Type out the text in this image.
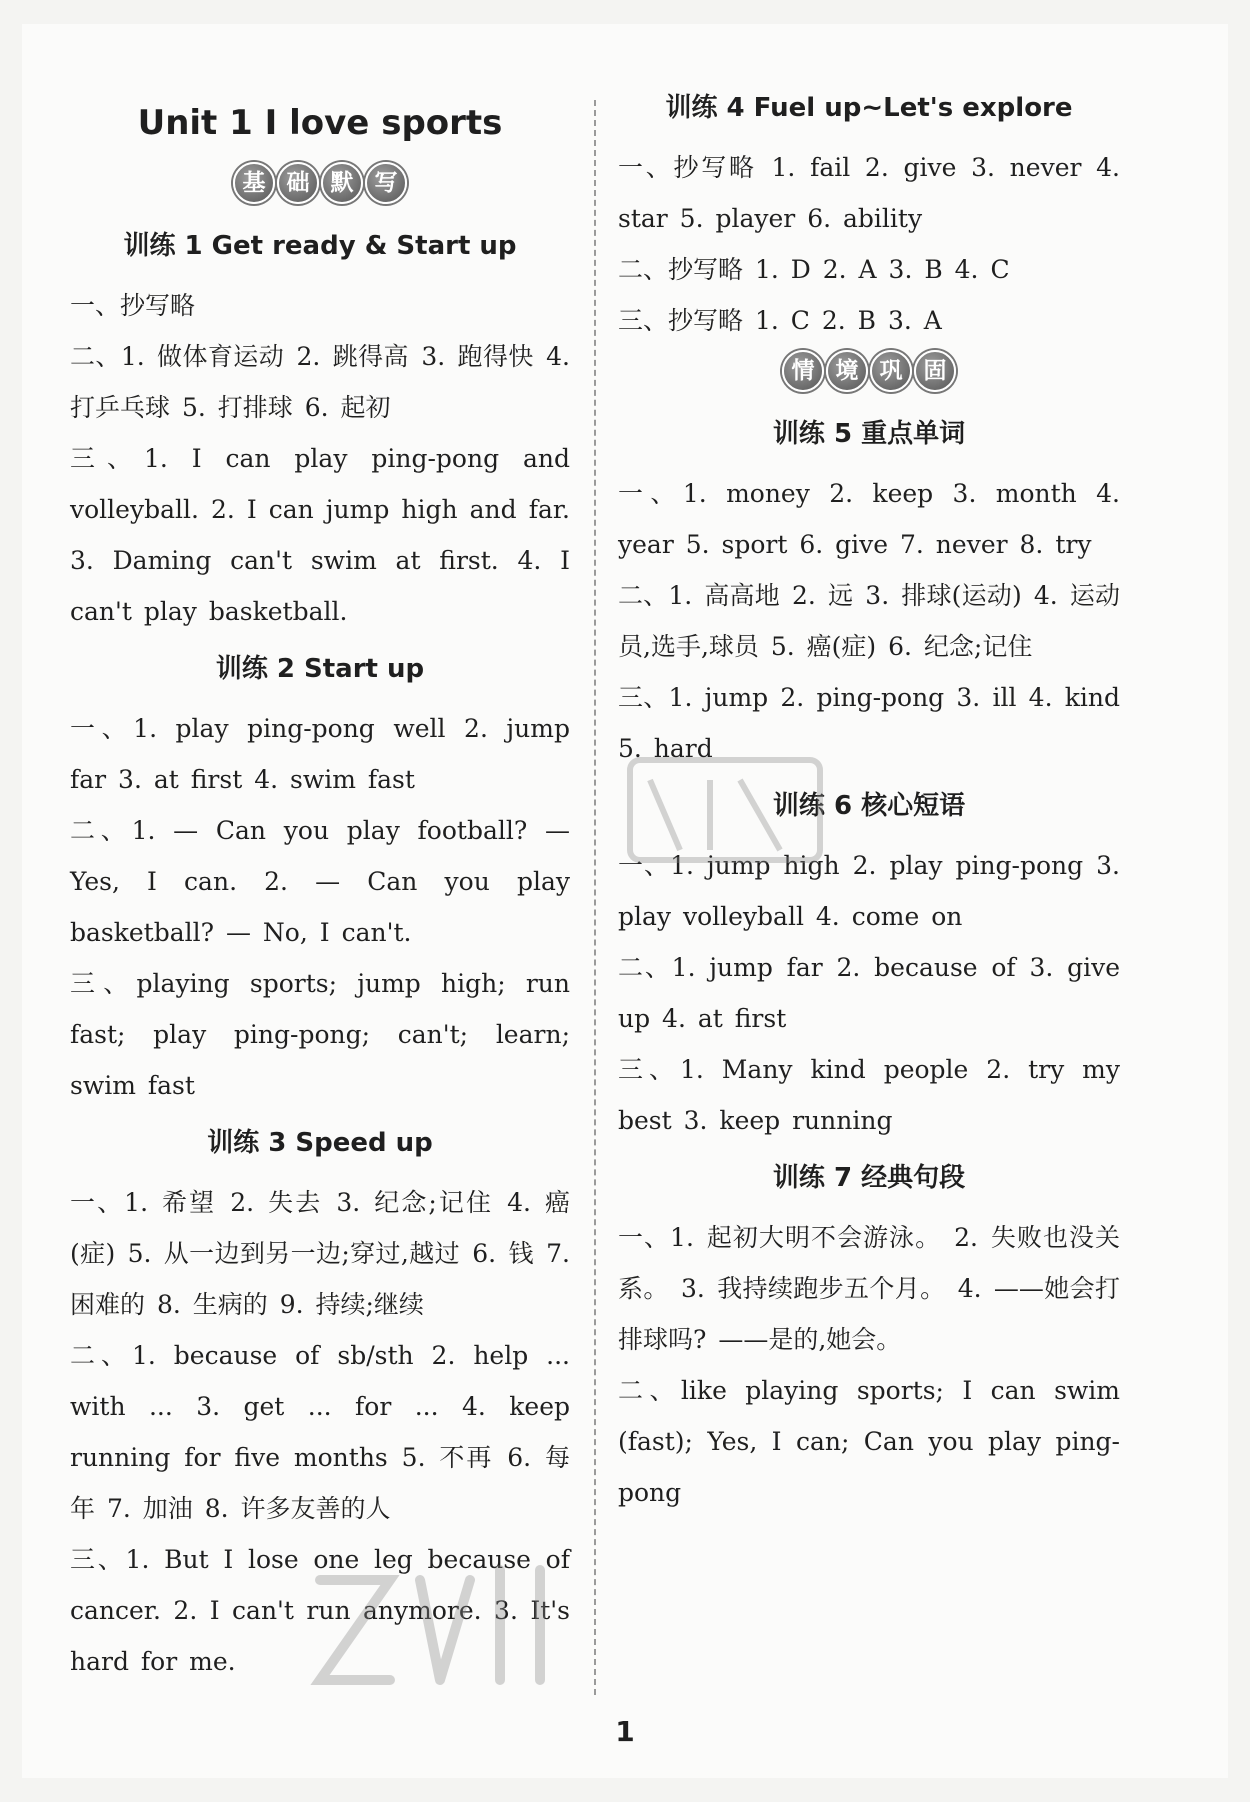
Unit 1 I love sports
基 础 默 写
训练 1 Get ready & Start up
一、抄写略
二、1. 做体育运动 2. 跳得高 3. 跑得快 4. 打乒乓球 5. 打排球 6. 起初
三、1. I can play ping-pong and volleyball. 2. I can jump high and far. 3. Daming can't swim at first. 4. I can't play basketball.
训练 2 Start up
一、1. play ping-pong well 2. jump far 3. at first 4. swim fast
二、1. — Can you play football? — Yes, I can. 2. — Can you play basketball? — No, I can't.
三、playing sports; jump high; run fast; play ping-pong; can't; learn; swim fast
训练 3 Speed up
一、1. 希望 2. 失去 3. 纪念;记住 4. 癌(症) 5. 从一边到另一边;穿过,越过 6. 钱 7. 困难的 8. 生病的 9. 持续;继续
二、1. because of sb/sth 2. help ... with ... 3. get ... for ... 4. keep running for five months 5. 不再 6. 每年 7. 加油 8. 许多友善的人
三、1. But I lose one leg because of cancer. 2. I can't run anymore. 3. It's hard for me.
训练 4 Fuel up~Let's explore
一、抄写略 1. fail 2. give 3. never 4. star 5. player 6. ability
二、抄写略 1. D 2. A 3. B 4. C
三、抄写略 1. C 2. B 3. A
情 境 巩 固
训练 5 重点单词
一、1. money 2. keep 3. month 4. year 5. sport 6. give 7. never 8. try
二、1. 高高地 2. 远 3. 排球(运动) 4. 运动员,选手,球员 5. 癌(症) 6. 纪念;记住
三、1. jump 2. ping-pong 3. ill 4. kind 5. hard
训练 6 核心短语
一、1. jump high 2. play ping-pong 3. play volleyball 4. come on
二、1. jump far 2. because of 3. give up 4. at first
三、1. Many kind people 2. try my best 3. keep running
训练 7 经典句段
一、1. 起初大明不会游泳。 2. 失败也没关系。 3. 我持续跑步五个月。 4. ——她会打排球吗? ——是的,她会。
二、like playing sports; I can swim (fast); Yes, I can; Can you play ping-pong
1
